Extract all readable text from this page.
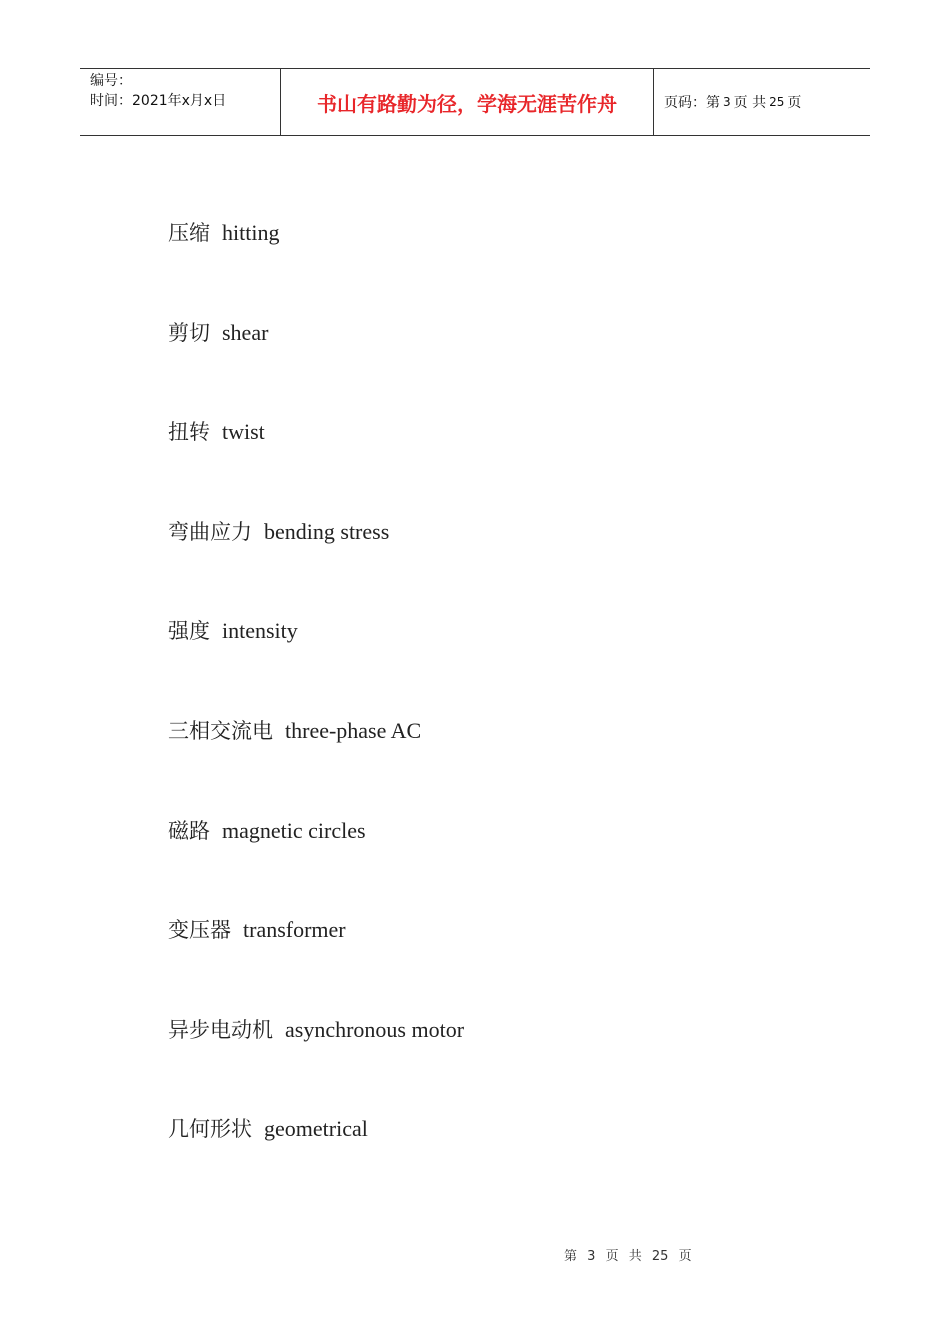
编号：
时间：2021年x月x日	书山有路勤为径，学海无涯苦作舟	页码：第 3 页 共 25 页
压缩 hitting
剪切 shear
扭转 twist
弯曲应力 bending stress
强度 intensity
三相交流电 three-phase AC
磁路 magnetic circles
变压器 transformer
异步电动机 asynchronous motor
几何形状 geometrical
第 3 页 共 25 页
